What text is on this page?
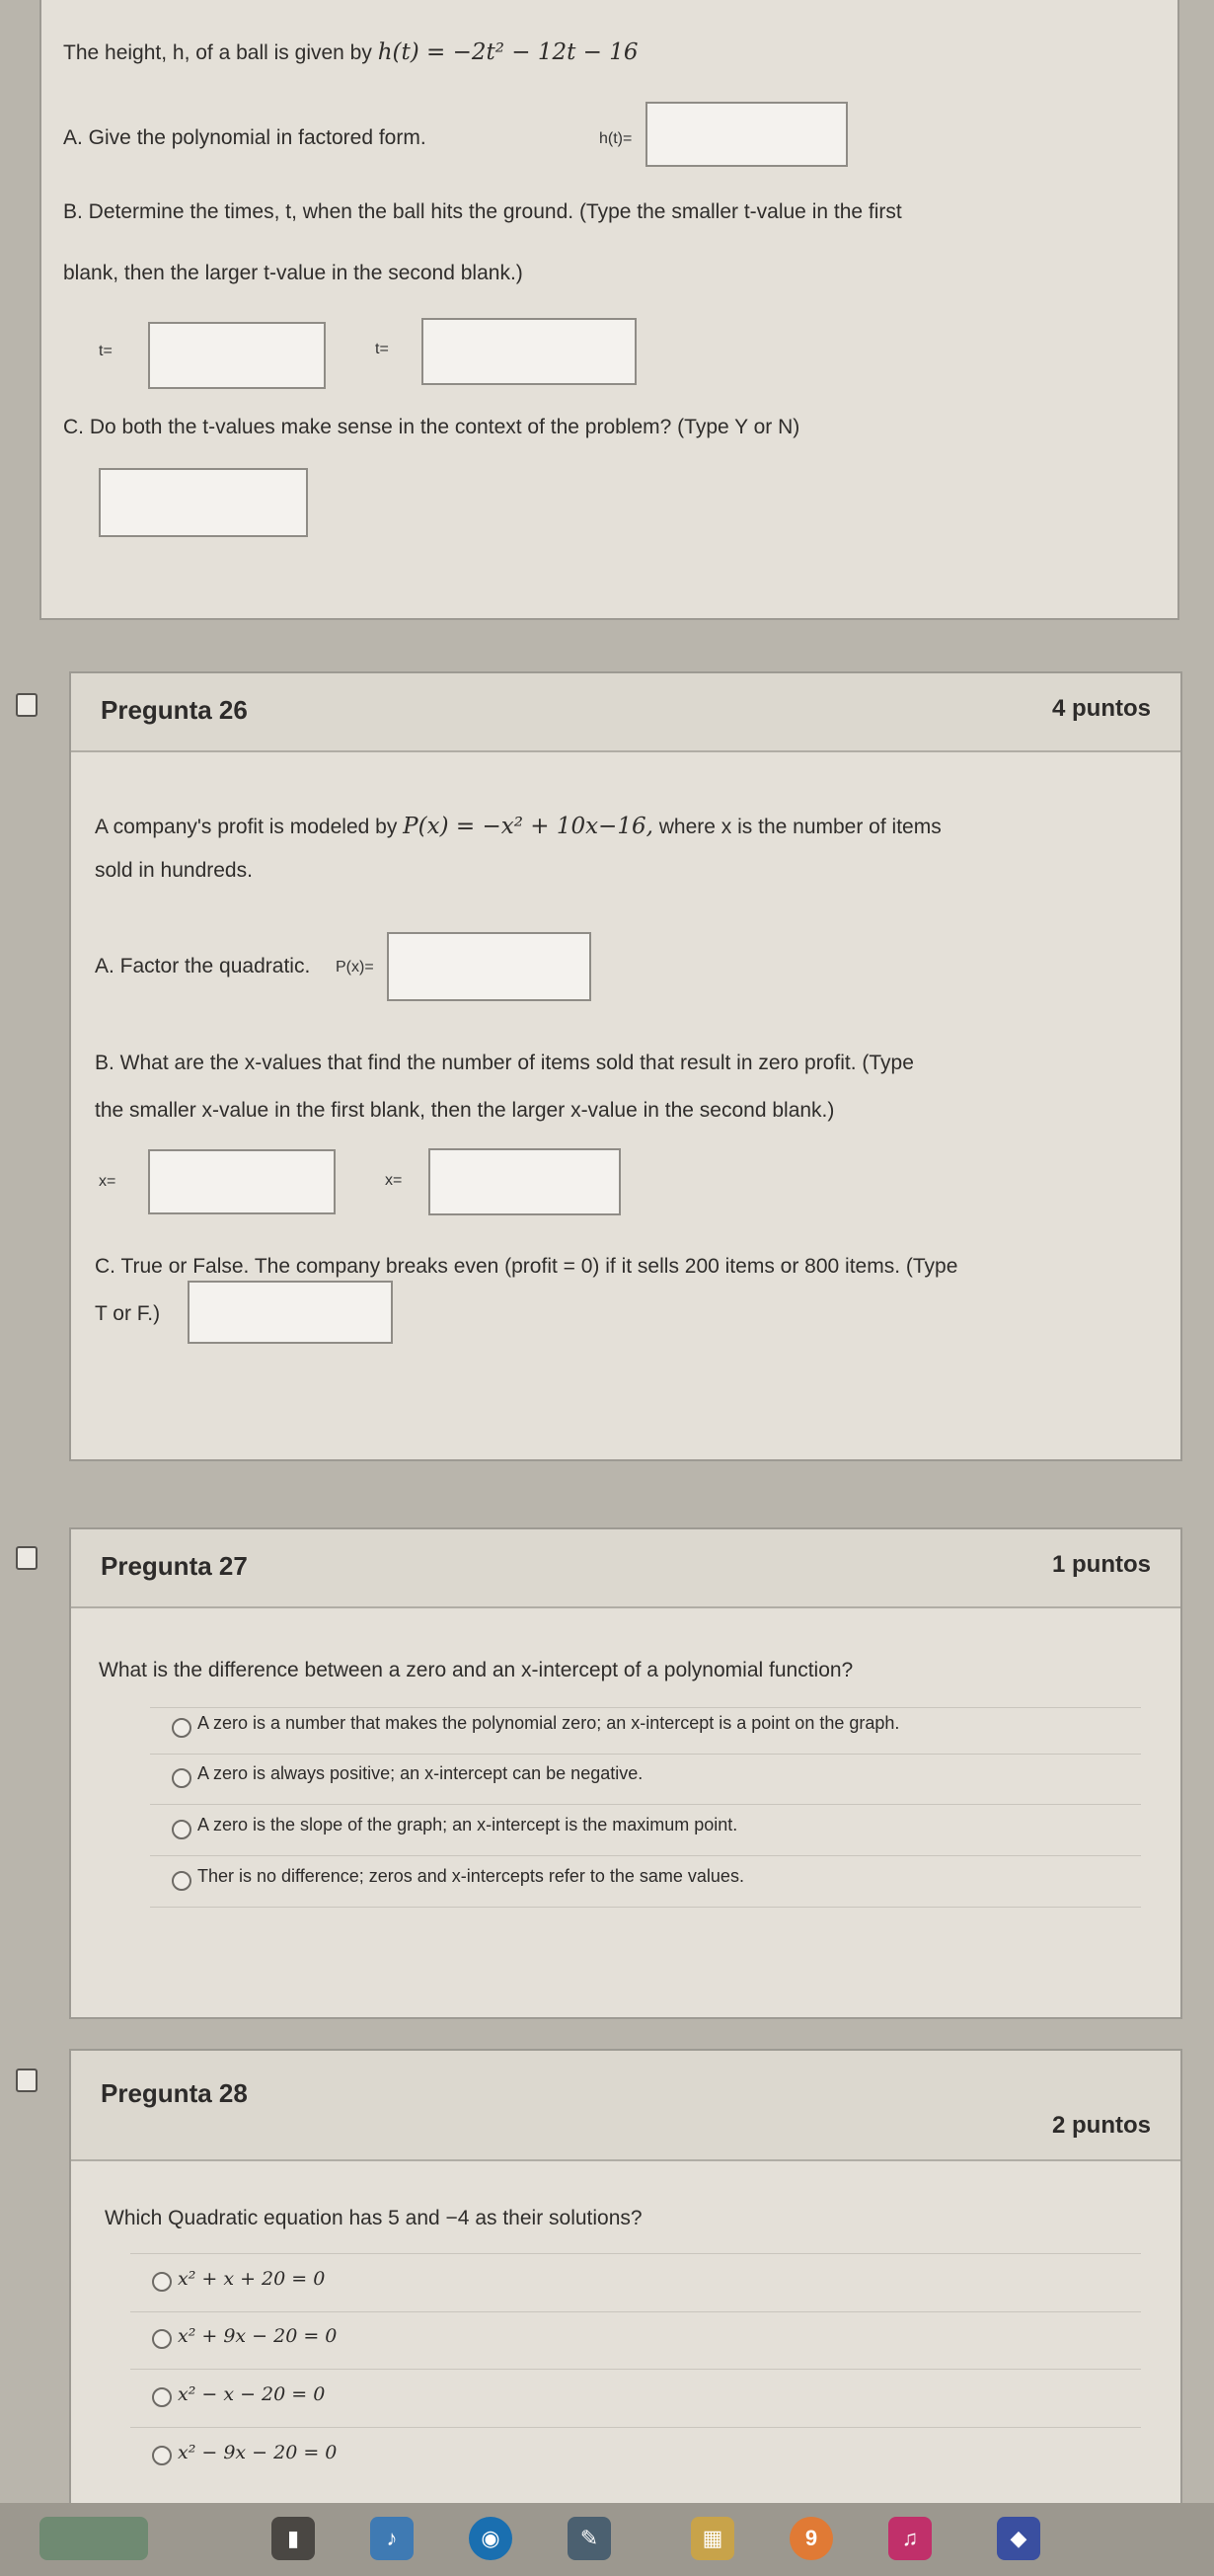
The height, h, of a ball is given by h(t) = −2t² − 12t − 16
A. Give the polynomial in factored form.	h(t)=
B. Determine the times, t, when the ball hits the ground. (Type the smaller t-value in the first
blank, then the larger t-value in the second blank.)
t=	t=
C. Do both the t-values make sense in the context of the problem? (Type Y or N)
Pregunta 26	4 puntos
A company's profit is modeled by P(x) = −x² + 10x−16, where x is the number of items
sold in hundreds.
A. Factor the quadratic. P(x)=
B. What are the x-values that find the number of items sold that result in zero profit. (Type
the smaller x-value in the first blank, then the larger x-value in the second blank.)
x=	x=
C. True or False. The company breaks even (profit = 0) if it sells 200 items or 800 items. (Type
T or F.)
Pregunta 27	1 puntos
What is the difference between a zero and an x-intercept of a polynomial function?
A zero is a number that makes the polynomial zero; an x-intercept is a point on the graph.
A zero is always positive; an x-intercept can be negative.
A zero is the slope of the graph; an x-intercept is the maximum point.
Ther is no difference; zeros and x-intercepts refer to the same values.
Pregunta 28
2 puntos
Which Quadratic equation has 5 and −4 as their solutions?
x² + x + 20 = 0
x² + 9x − 20 = 0
x² − x − 20 = 0
x² − 9x − 20 = 0
▮	♪	◉	✎	▦	9	♫	◆
